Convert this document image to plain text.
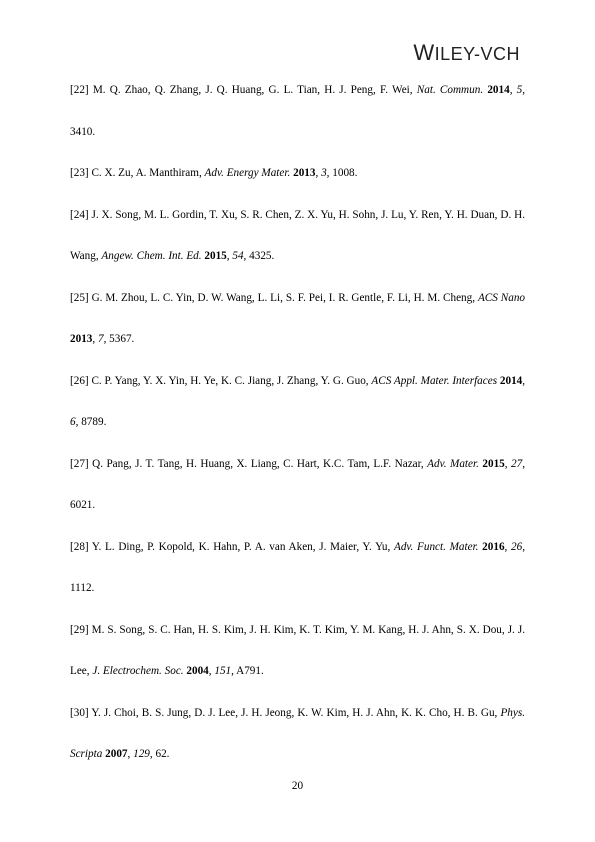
WILEY-VCH

[22] M. Q. Zhao, Q. Zhang, J. Q. Huang, G. L. Tian, H. J. Peng, F. Wei, Nat. Commun. 2014, 5, 3410.

[23] C. X. Zu, A. Manthiram, Adv. Energy Mater. 2013, 3, 1008.

[24] J. X. Song, M. L. Gordin, T. Xu, S. R. Chen, Z. X. Yu, H. Sohn, J. Lu, Y. Ren, Y. H. Duan, D. H. Wang, Angew. Chem. Int. Ed. 2015, 54, 4325.

[25] G. M. Zhou, L. C. Yin, D. W. Wang, L. Li, S. F. Pei, I. R. Gentle, F. Li, H. M. Cheng, ACS Nano 2013, 7, 5367.

[26] C. P. Yang, Y. X. Yin, H. Ye, K. C. Jiang, J. Zhang, Y. G. Guo, ACS Appl. Mater. Interfaces 2014, 6, 8789.

[27] Q. Pang, J. T. Tang, H. Huang, X. Liang, C. Hart, K.C. Tam, L.F. Nazar, Adv. Mater. 2015, 27, 6021.

[28] Y. L. Ding, P. Kopold, K. Hahn, P. A. van Aken, J. Maier, Y. Yu, Adv. Funct. Mater. 2016, 26, 1112.

[29] M. S. Song, S. C. Han, H. S. Kim, J. H. Kim, K. T. Kim, Y. M. Kang, H. J. Ahn, S. X. Dou, J. J. Lee, J. Electrochem. Soc. 2004, 151, A791.

[30] Y. J. Choi, B. S. Jung, D. J. Lee, J. H. Jeong, K. W. Kim, H. J. Ahn, K. K. Cho, H. B. Gu, Phys. Scripta 2007, 129, 62.

20
